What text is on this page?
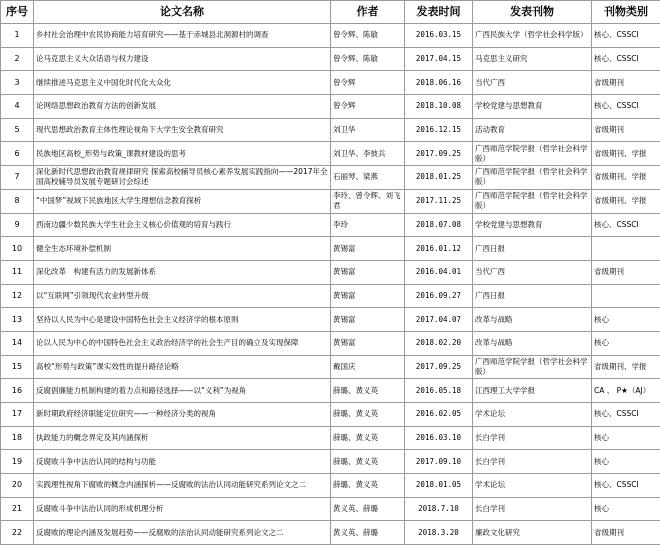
序号	论文名称	作者	发表时间	发表刊物	刊物类别
1	乡村社会治理中农民协商能力培育研究——基于赤城县北洞源村的调查	曾令辉、陈敏	2016.03.15	广西民族大学（哲学社会科学版）	核心、CSSCI
2	论马克思主义大众话语与权力建设	曾令辉、陈敏	2017.04.15	马克思主义研究	核心、CSSCI
3	继续推进马克思主义中国化时代化大众化	曾令辉	2018.06.16	当代广西	省级期刊
4	论网络思想政治教育方法的创新发展	曾令辉	2018.10.08	学校党建与思想教育	核心、CSSCI
5	现代思想政治教育主体性理论视角下大学生安全教育研究	刘卫华	2016.12.15	活动教育	省级期刊
6	民族地区高校_形势与政策_课教材建设的思考	刘卫华、李彼兵	2017.09.25	广西师范学院学报（哲学社会科学版）	省级期刊、学报
7	深化新时代思想政治教育规律研究 探索高校辅导员核心素养发展实践指向——2017年全国高校辅导员发展专题研讨会综述	石丽琴、梁燕	2018.01.25	广西师范学院学报（哲学社会科学版）	省级期刊、学报
8	“中国梦”视域下民族地区大学生理想信念教育探析	李玲、曾令辉、刘飞君	2017.11.25	广西师范学院学报（哲学社会科学版）	省级期刊、学报
9	西南边疆少数民族大学生社会主义核心价值观的培育与践行	李玲	2018.07.08	学校党建与思想教育	核心、CSSCI
10	健全生态环境补偿机制	黄锡富	2016.01.12	广西日报	
11	深化改革　构建有活力的发展新体系	黄锡富	2016.04.01	当代广西	省级期刊
12	以“互联网”引领现代农业转型升级	黄锡富	2016.09.27	广西日报	
13	坚持以人民为中心是建设中国特色社会主义经济学的根本原则	黄锡富	2017.04.07	改革与战略	核心
14	论以人民为中心的中国特色社会主义政治经济学的社会生产目的确立及实现保障	黄锡富	2018.02.20	改革与战略	核心
15	高校“形势与政策”课实效性的提升路径论略	戴国庆	2017.09.25	广西师范学院学报（哲学社会科学版）	省级期刊、学报
16	反腐倡廉能力机制构建的着力点和路径选择——以“义利”为视角	薛璐、黄义英	2016.05.18	江西理工大学学报	CA 、 P★（AJ）
17	新时期政府经济职能定位研究——一种经济分类的视角	薛璐、黄义英	2016.02.05	学术论坛	核心、CSSCI
18	执政能力的概念界定及其内涵探析	薛璐、黄义英	2016.03.10	长白学刊	核心
19	反腐败斗争中法治认同的结构与功能	薛璐、黄义英	2017.09.10	长白学刊	核心
20	实践理性视角下腐败的概念内涵探析——反腐败的法治认同动能研究系列论文之二	薛璐、黄义英	2018.01.05	学术论坛	核心、CSSCI
21	反腐败斗争中法治认同的形成机理分析	黄义英、薛璐	2018.7.10	长白学刊	核心
22	反腐败的理论内涵及发展趋势——反腐败的法治认同动能研究系列论文之二	黄义英、薛璐	2018.3.20	廉政文化研究	省级期刊
